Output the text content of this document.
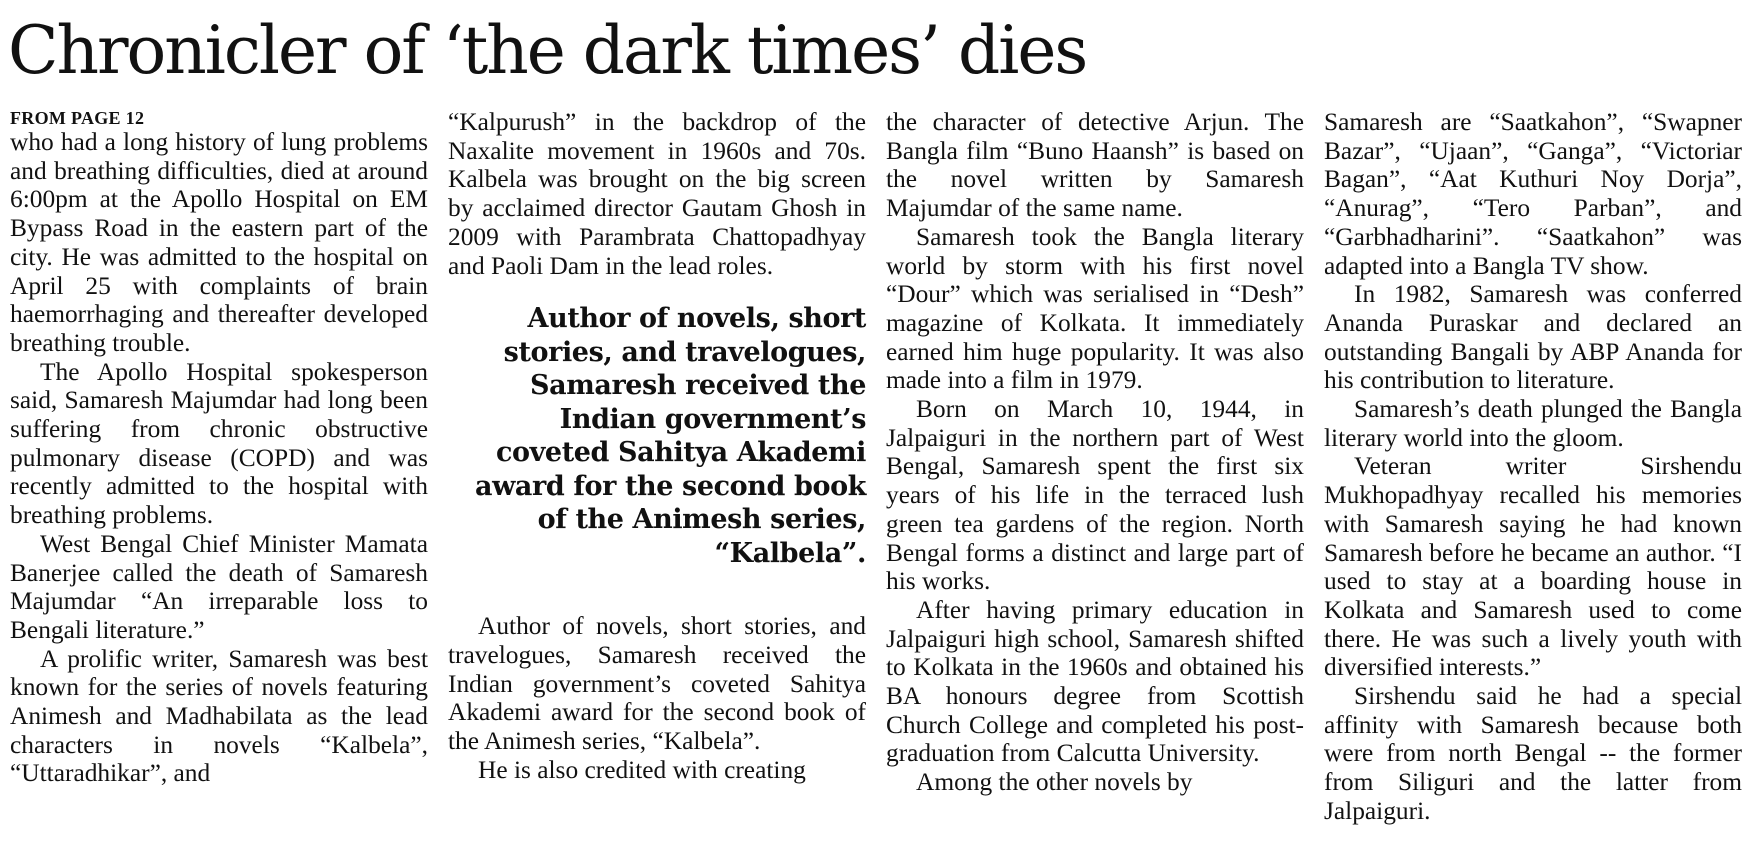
Chronicler of ‘the dark times’ dies
FROM PAGE 12

who had a long history of lung problems and breathing difficulties, died at around 6:00pm at the Apollo Hospital on EM Bypass Road in the eastern part of the city. He was admitted to the hospital on April 25 with complaints of brain haemorrhaging and thereafter developed breathing trouble.

The Apollo Hospital spokesperson said, Samaresh Majumdar had long been suffering from chronic obstructive pulmonary disease (COPD) and was recently admitted to the hospital with breathing problems.

West Bengal Chief Minister Mamata Banerjee called the death of Samaresh Majumdar “An irreparable loss to Bengali literature.”

A prolific writer, Samaresh was best known for the series of novels featuring Animesh and Madhabilata as the lead characters in novels “Kalbela”, “Uttaradhikar”, and

“Kalpurush” in the backdrop of the Naxalite movement in 1960s and 70s. Kalbela was brought on the big screen by acclaimed director Gautam Ghosh in 2009 with Parambrata Chattopadhyay and Paoli Dam in the lead roles.

Author of novels, short stories, and travelogues, Samaresh received the Indian government’s coveted Sahitya Akademi award for the second book of the Animesh series, “Kalbela”.

Author of novels, short stories, and travelogues, Samaresh received the Indian government’s coveted Sahitya Akademi award for the second book of the Animesh series, “Kalbela”.

He is also credited with creating

the character of detective Arjun. The Bangla film “Buno Haansh” is based on the novel written by Samaresh Majumdar of the same name.

Samaresh took the Bangla literary world by storm with his first novel “Dour” which was serialised in “Desh” magazine of Kolkata. It immediately earned him huge popularity. It was also made into a film in 1979.

Born on March 10, 1944, in Jalpaiguri in the northern part of West Bengal, Samaresh spent the first six years of his life in the terraced lush green tea gardens of the region. North Bengal forms a distinct and large part of his works.

After having primary education in Jalpaiguri high school, Samaresh shifted to Kolkata in the 1960s and obtained his BA honours degree from Scottish Church College and completed his post-graduation from Calcutta University.

Among the other novels by

Samaresh are “Saatkahon”, “Swapner Bazar”, “Ujaan”, “Ganga”, “Victoriar Bagan”, “Aat Kuthuri Noy Dorja”, “Anurag”, “Tero Parban”, and “Garbhadharini”. “Saatkahon” was adapted into a Bangla TV show.

In 1982, Samaresh was conferred Ananda Puraskar and declared an outstanding Bangali by ABP Ananda for his contribution to literature.

Samaresh’s death plunged the Bangla literary world into the gloom.

Veteran writer Sirshendu Mukhopadhyay recalled his memories with Samaresh saying he had known Samaresh before he became an author. “I used to stay at a boarding house in Kolkata and Samaresh used to come there. He was such a lively youth with diversified interests.”

Sirshendu said he had a special affinity with Samaresh because both were from north Bengal -- the former from Siliguri and the latter from Jalpaiguri.
